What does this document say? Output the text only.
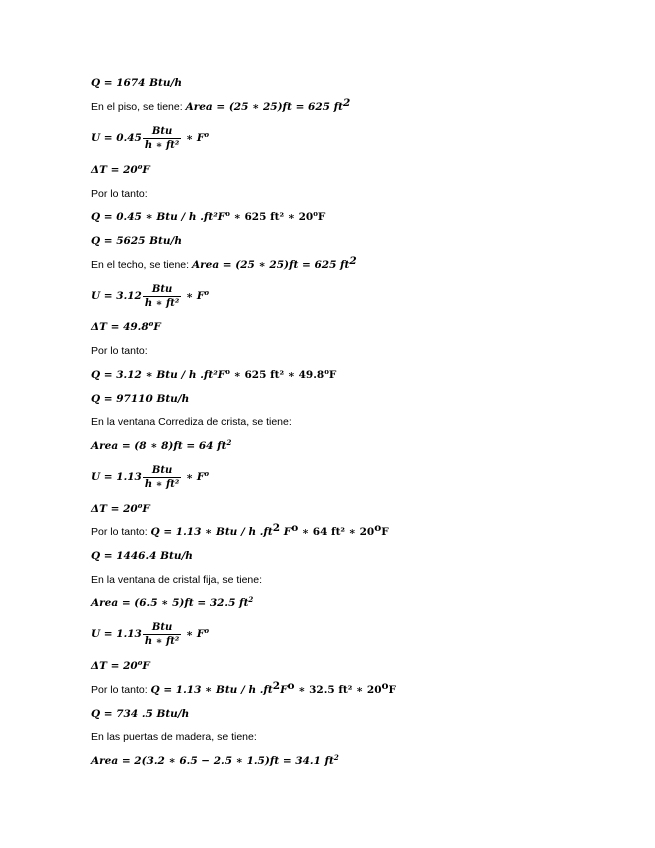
Q = 1674 Btu/h
En el piso, se tiene: Area = (25 ∗ 25)ft = 625 $ft^2$
$U = 0.45 \frac{\text{Btu}}{\text{h ∗ ft²}}$ ∗ $F^o$
$\Delta T = 20^oF$
Por lo tanto:
Q = 0.45 ∗ Btu / h $.ft^2F^o$ ∗ 625 ft² ∗ 20$^o$F
Q = 5625 Btu/h
En el techo, se tiene: Area = (25 ∗ 25)ft = 625 $ft^2$
$U = 3.12 \frac{\text{Btu}}{\text{h ∗ ft²}}$ ∗ $F^o$
$\Delta T = 49.8^oF$
Por lo tanto:
Q = 3.12 ∗ Btu / h $.ft^2F^o$ ∗ 625 ft² ∗ 49.8$^o$F
Q = 97110 Btu/h
En la ventana Corrediza de crista, se tiene:
Area = (8 ∗ 8)ft = 64 $ft^2$
$U = 1.13 \frac{\text{Btu}}{\text{h ∗ ft²}}$ ∗ $F^o$
$\Delta T = 20^oF$
Por lo tanto: Q = 1.13 ∗ Btu / h $.ft^2$ $F^o$ ∗ 64 ft² ∗ 20$^o$F
Q = 1446.4 Btu/h
En la ventana de cristal fija, se tiene:
Area = (6.5 ∗ 5)ft = 32.5 $ft^2$
$U = 1.13 \frac{\text{Btu}}{\text{h ∗ ft²}}$ ∗ $F^o$
$\Delta T = 20^oF$
Por lo tanto: Q = 1.13 ∗ Btu / h $.ft^2F^o$ ∗ 32.5 ft² ∗ 20$^o$F
Q = 734 .5 Btu/h
En las puertas de madera, se tiene:
Area = 2(3.2 ∗ 6.5 − 2.5 ∗ 1.5)ft = 34.1 $ft^2$
